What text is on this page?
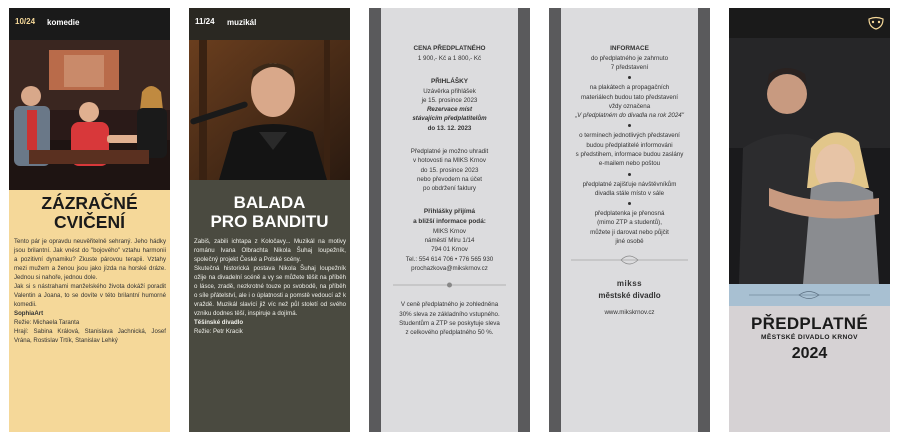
10/24 komedie
ZÁZRAČNÉ
CVIČENÍ

Tento pár je opravdu neuvěřitelně sehraný. Jeho hádky jsou brilantní. Jak vnést do "bojového" vztahu harmonii a pozitivní dynamiku? Zkuste párovou terapii. Vztahy mezi mužem a ženou jsou jako jízda na horské dráze. Jednou si nahoře, jednou dole.

Jak si s nástrahami manželského života dokáží poradit Valentin a Joana, to se dovíte v této brilantní humorné komedii.

SophiaArt

Režie: Michaela Taranta

Hrají: Sabina Králová, Stanislava Jachnická, Josef Vrána, Rostislav Trtík, Stanislav Lehký

11/24 muzikál
BALADA
PRO BANDITU

Zabiš, zabili ichtapa z Koločavy... Muzikál na motivy románu Ivana Olbrachta Nikola Šuhaj loupežník, společný projekt České a Polské scény.

Skutečná historická postava Nikola Šuhaj loupežník ožije na divadelní scéně a vy se můžete těšit na příběh o lásce, zradě, nezkrotné touze po svobodě, na příběh o síle přátelství, ale i o úplatnosti a pomstě vedoucí až k vraždě. Muzikál slavící již víc než půl století od svého vzniku dodnes těší, inspiruje a dojímá.

Těšínské divadlo

Režie: Petr Kracik

CENA PŘEDPLATNÉHO
1 900,- Kč a 1 800,- Kč
PŘIHLÁŠKY
Uzávěrka přihlášek
je 15. prosince 2023
Rezervace míst
stávajícím předplatitelům
do 13. 12. 2023
Předplatné je možno uhradit
v hotovosti na MIKS Krnov
do 15. prosince 2023
nebo převodem na účet
po obdržení faktury
Přihlášky přijímá
a bližší informace podá:
MIKS Krnov
náměstí Míru 1/14
794 01 Krnov
Tel.: 554 614 706 • 776 565 930
prochazkova@mikskrnov.cz
V ceně předplatného je zohledněna
30% sleva ze základního vstupného.
Studentům a ZTP se poskytuje sleva
z celkového předplatného 50 %.
INFORMACE
do předplatného je zahrnuto
7 představení
na plakátech a propagačních
materiálech budou tato představení
vždy označena
„V předplatném do divadla na rok 2024"
o termínech jednotlivých představení
budou předplatitelé informováni
s předstihem, informace budou zaslány
e-mailem nebo poštou
předplatné zajišťuje návštěvníkům
divadla stále místo v sále
předplatenka je přenosná
(mimo ZTP a studentů),
můžete ji darovat nebo půjčit
jiné osobě
mikss
městské divadlo
www.mikskrnov.cz
PŘEDPLATNÉ
MĚSTSKÉ DIVADLO KRNOV
2024
